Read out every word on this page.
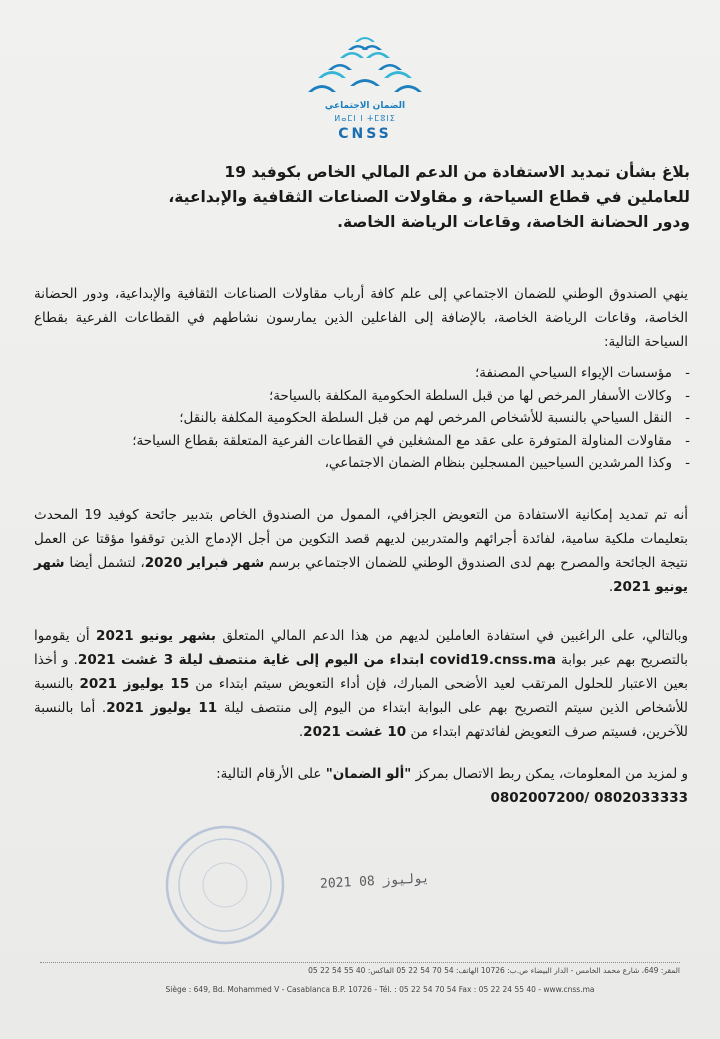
الضمان الاجتماعي
ⵍⴰⵎⵏ ⵏ ⵜⵎⵓⵏⵉ
CNSS
بلاغ بشأن تمديد الاستفادة من الدعم المالي الخاص بكوفيد 19
للعاملين في قطاع السياحة، و مقاولات الصناعات الثقافية والإبداعية،
ودور الحضانة الخاصة، وقاعات الرياضة الخاصة.
ينهي الصندوق الوطني للضمان الاجتماعي إلى علم كافة أرباب مقاولات الصناعات الثقافية والإبداعية، ودور الحضانة الخاصة، وقاعات الرياضة الخاصة، بالإضافة إلى الفاعلين الذين يمارسون نشاطهم في القطاعات الفرعية بقطاع السياحة التالية:
- مؤسسات الإيواء السياحي المصنفة؛
- وكالات الأسفار المرخص لها من قبل السلطة الحكومية المكلفة بالسياحة؛
- النقل السياحي بالنسبة للأشخاص المرخص لهم من قبل السلطة الحكومية المكلفة بالنقل؛
- مقاولات المناولة المتوفرة على عقد مع المشغلين في القطاعات الفرعية المتعلقة بقطاع السياحة؛
- وكذا المرشدين السياحيين المسجلين بنظام الضمان الاجتماعي،
أنه تم تمديد إمكانية الاستفادة من التعويض الجزافي، الممول من الصندوق الخاص بتدبير جائحة كوفيد 19 المحدث بتعليمات ملكية سامية، لفائدة أجرائهم والمتدربين لديهم قصد التكوين من أجل الإدماج الذين توقفوا مؤقتا عن العمل نتيجة الجائحة والمصرح بهم لدى الصندوق الوطني للضمان الاجتماعي برسم شهر فبراير 2020، لتشمل أيضا شهر يونيو 2021.
وبالتالي، على الراغبين في استفادة العاملين لديهم من هذا الدعم المالي المتعلق بشهر يونيو 2021 أن يقوموا بالتصريح بهم عبر بوابة covid19.cnss.ma ابتداء من اليوم إلى غاية منتصف ليلة 3 غشت 2021. و أخذا بعين الاعتبار للحلول المرتقب لعيد الأضحى المبارك، فإن أداء التعويض سيتم ابتداء من 15 يوليوز 2021 بالنسبة للأشخاص الذين سيتم التصريح بهم على البوابة ابتداء من اليوم إلى منتصف ليلة 11 يوليوز 2021. أما بالنسبة للآخرين، فسيتم صرف التعويض لفائدتهم ابتداء من 10 غشت 2021.
و لمزيد من المعلومات، يمكن ربط الاتصال بمركز "ألو الضمان" على الأرقام التالية:
0802007200/ 0802033333
2021 يوليوز 08
المقر: 649، شارع محمد الخامس - الدار البيضاء ص.ب: 10726 الهاتف: 54 70 54 22 05 الفاكس: 40 55 54 22 05
Siège : 649, Bd. Mohammed V - Casablanca B.P. 10726 - Tél. : 05 22 54 70 54 Fax : 05 22 24 55 40 - www.cnss.ma
